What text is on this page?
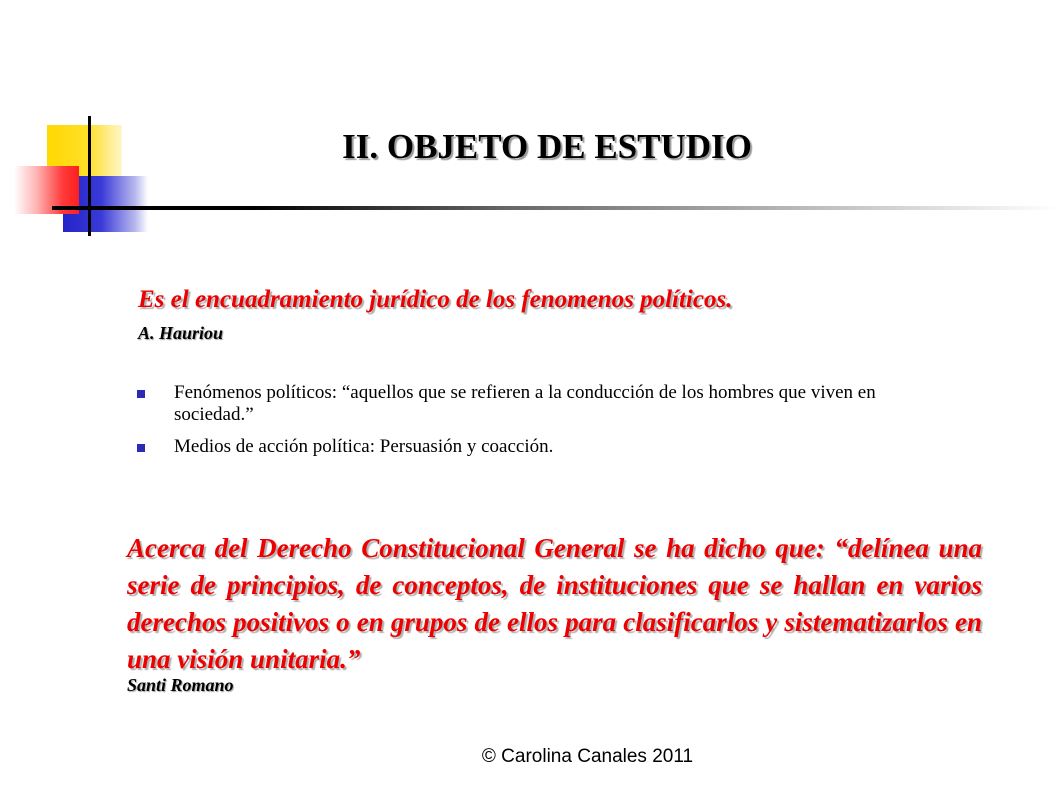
II. OBJETO DE ESTUDIO
Es el encuadramiento jurídico de los fenomenos políticos.
A. Hauriou
Fenómenos políticos: “aquellos que se refieren a la conducción de los hombres que viven en sociedad.”
Medios de acción política: Persuasión y coacción.
Acerca del Derecho Constitucional General se ha dicho que: “delínea una serie de principios, de conceptos, de instituciones que se hallan en varios derechos positivos o en grupos de ellos para clasificarlos y sistematizarlos en una visión unitaria.”
Santi Romano
© Carolina Canales 2011
